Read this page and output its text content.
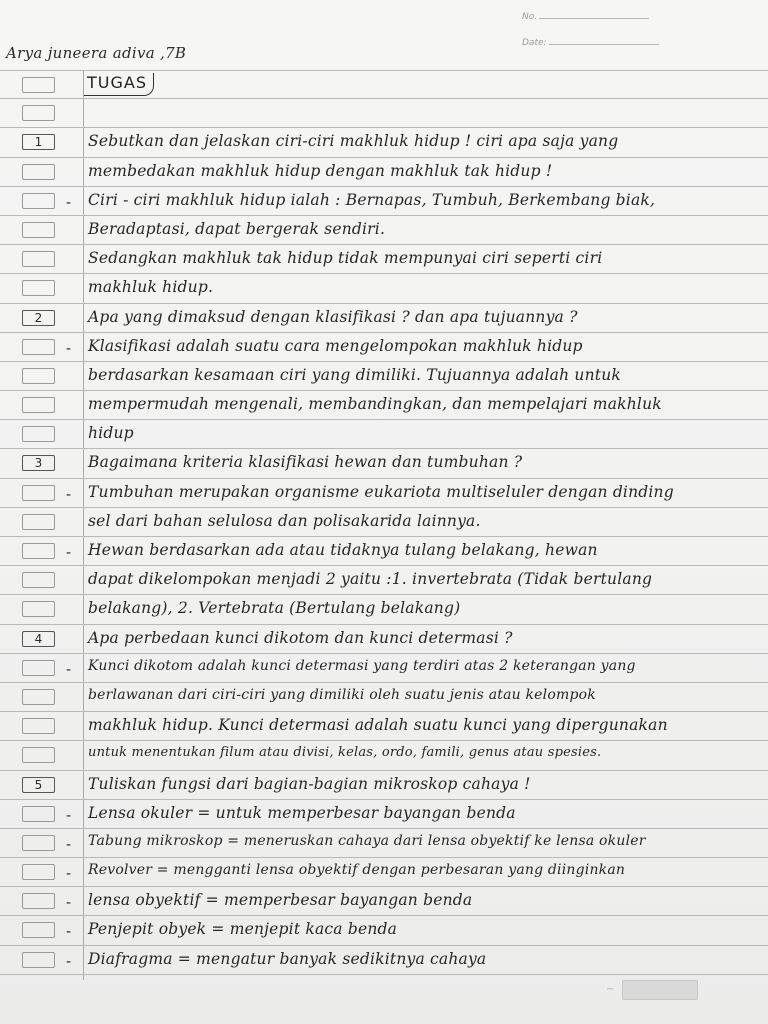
No.
Date:
Arya juneera adiva ,7B
TUGAS
1	Sebutkan dan jelaskan ciri-ciri makhluk hidup ! ciri apa saja yang
membedakan makhluk hidup dengan makhluk tak hidup !
- Ciri - ciri makhluk hidup ialah : Bernapas, Tumbuh, Berkembang biak,
Beradaptasi, dapat bergerak sendiri.
Sedangkan makhluk tak hidup tidak mempunyai ciri seperti ciri
makhluk hidup.
2	Apa yang dimaksud dengan klasifikasi ? dan apa tujuannya ?
- Klasifikasi adalah suatu cara mengelompokan makhluk hidup
berdasarkan kesamaan ciri yang dimiliki. Tujuannya adalah untuk
mempermudah mengenali, membandingkan, dan mempelajari makhluk
hidup
3	Bagaimana kriteria klasifikasi hewan dan tumbuhan ?
- Tumbuhan merupakan organisme eukariota multiseluler dengan dinding
sel dari bahan selulosa dan polisakarida lainnya.
- Hewan berdasarkan ada atau tidaknya tulang belakang, hewan
dapat dikelompokan menjadi 2 yaitu :1. invertebrata (Tidak bertulang
belakang), 2. Vertebrata (Bertulang belakang)
4	Apa perbedaan kunci dikotom dan kunci determasi ?
- Kunci dikotom adalah kunci determasi yang terdiri atas 2 keterangan yang
berlawanan dari ciri-ciri yang dimiliki oleh suatu jenis atau kelompok
makhluk hidup. Kunci determasi adalah suatu kunci yang dipergunakan
untuk menentukan filum atau divisi, kelas, ordo, famili, genus atau spesies.
5	Tuliskan fungsi dari bagian-bagian mikroskop cahaya !
- Lensa okuler = untuk memperbesar bayangan benda
- Tabung mikroskop = meneruskan cahaya dari lensa obyektif ke lensa okuler
- Revolver = mengganti lensa obyektif dengan perbesaran yang diinginkan
- lensa obyektif = memperbesar bayangan benda
- Penjepit obyek = menjepit kaca benda
- Diafragma = mengatur banyak sedikitnya cahaya
~
